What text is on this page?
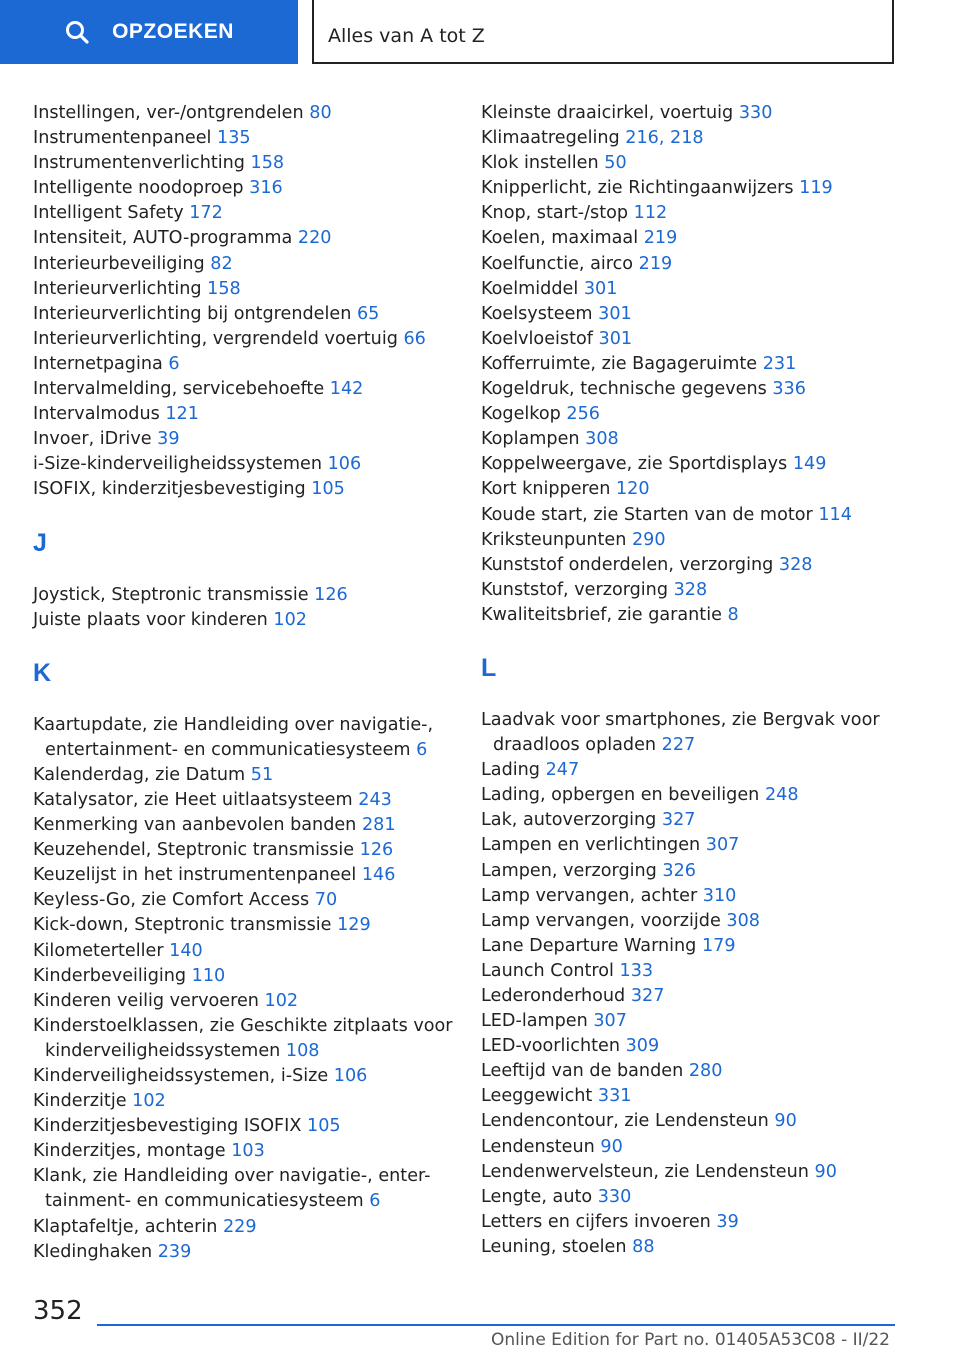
OPZOEKEN	Alles van A tot Z
Instellingen, ver-/ontgrendelen 80
Instrumentenpaneel 135
Instrumentenverlichting 158
Intelligente noodoproep 316
Intelligent Safety 172
Intensiteit, AUTO-programma 220
Interieurbeveiliging 82
Interieurverlichting 158
Interieurverlichting bij ontgrendelen 65
Interieurverlichting, vergrendeld voertuig 66
Internetpagina 6
Intervalmelding, servicebehoefte 142
Intervalmodus 121
Invoer, iDrive 39
i-Size-kinderveiligheidssystemen 106
ISOFIX, kinderzitjesbevestiging 105
J
Joystick, Steptronic transmissie 126
Juiste plaats voor kinderen 102
K
Kaartupdate, zie Handleiding over navigatie-, entertainment- en communicatiesysteem 6
Kalenderdag, zie Datum 51
Katalysator, zie Heet uitlaatsysteem 243
Kenmerking van aanbevolen banden 281
Keuzehendel, Steptronic transmissie 126
Keuzelijst in het instrumentenpaneel 146
Keyless-Go, zie Comfort Access 70
Kick-down, Steptronic transmissie 129
Kilometerteller 140
Kinderbeveiliging 110
Kinderen veilig vervoeren 102
Kinderstoelklassen, zie Geschikte zitplaats voor kinderveiligheidssystemen 108
Kinderveiligheidssystemen, i-Size 106
Kinderzitje 102
Kinderzitjesbevestiging ISOFIX 105
Kinderzitjes, montage 103
Klank, zie Handleiding over navigatie-, enter-tainment- en communicatiesysteem 6
Klaptafeltje, achterin 229
Kledinghaken 239
Kleinste draaicirkel, voertuig 330
Klimaatregeling 216, 218
Klok instellen 50
Knipperlicht, zie Richtingaanwijzers 119
Knop, start-/stop 112
Koelen, maximaal 219
Koelfunctie, airco 219
Koelmiddel 301
Koelsysteem 301
Koelvloeistof 301
Kofferruimte, zie Bagageruimte 231
Kogeldruk, technische gegevens 336
Kogelkop 256
Koplampen 308
Koppelweergave, zie Sportdisplays 149
Kort knipperen 120
Koude start, zie Starten van de motor 114
Kriksteunpunten 290
Kunststof onderdelen, verzorging 328
Kunststof, verzorging 328
Kwaliteitsbrief, zie garantie 8
L
Laadvak voor smartphones, zie Bergvak voor draadloos opladen 227
Lading 247
Lading, opbergen en beveiligen 248
Lak, autoverzorging 327
Lampen en verlichtingen 307
Lampen, verzorging 326
Lamp vervangen, achter 310
Lamp vervangen, voorzijde 308
Lane Departure Warning 179
Launch Control 133
Lederonderhoud 327
LED-lampen 307
LED-voorlichten 309
Leeftijd van de banden 280
Leeggewicht 331
Lendencontour, zie Lendensteun 90
Lendensteun 90
Lendenwervelsteun, zie Lendensteun 90
Lengte, auto 330
Letters en cijfers invoeren 39
Leuning, stoelen 88
352
Online Edition for Part no. 01405A53C08 - II/22
